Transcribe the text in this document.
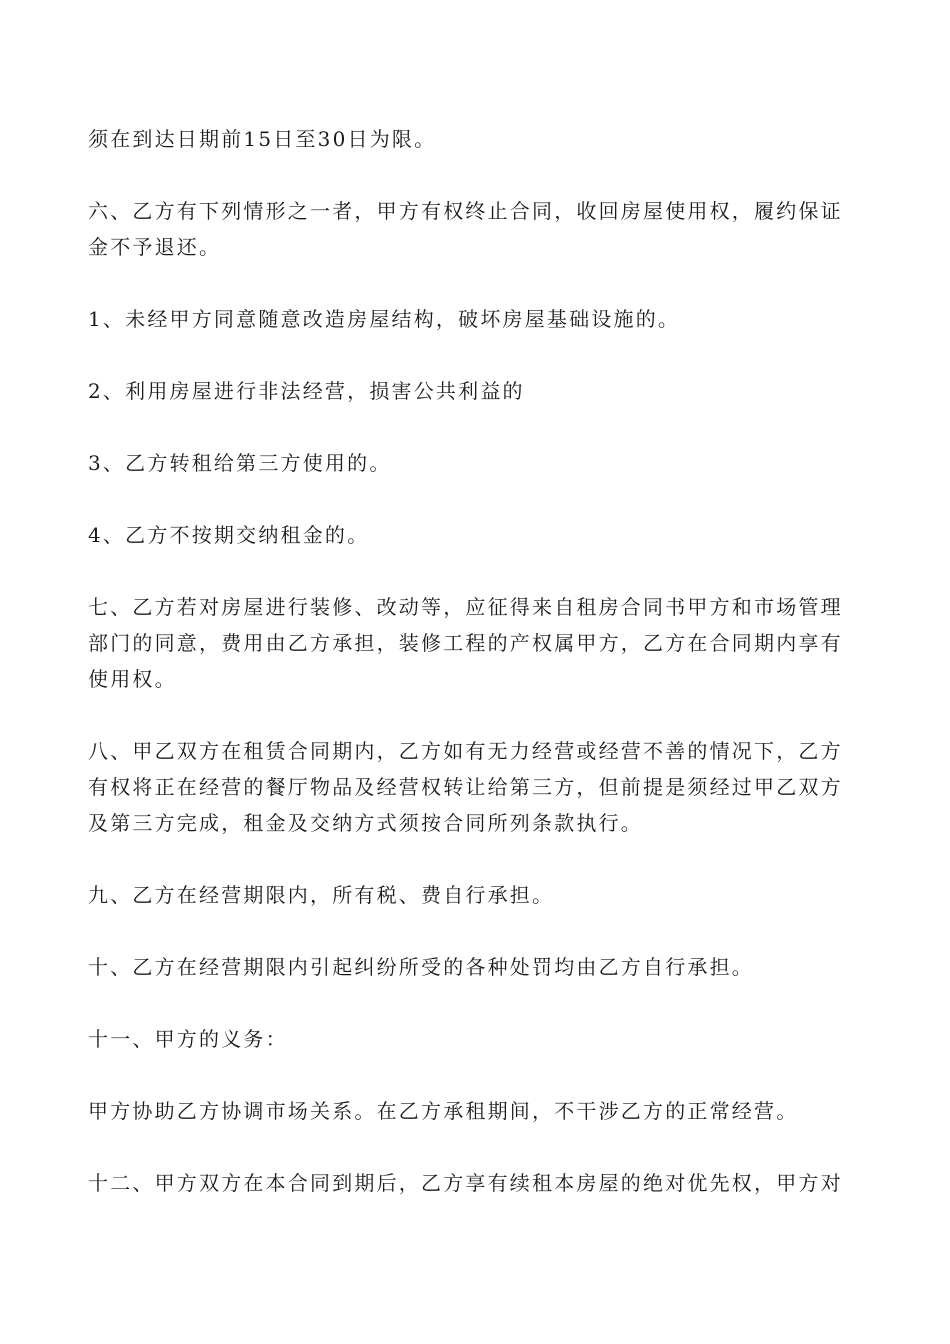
须在到达日期前15日至30日为限。

六、乙方有下列情形之一者，甲方有权终止合同，收回房屋使用权，履约保证金不予退还。

1、未经甲方同意随意改造房屋结构，破坏房屋基础设施的。

2、利用房屋进行非法经营，损害公共利益的

3、乙方转租给第三方使用的。

4、乙方不按期交纳租金的。

七、乙方若对房屋进行装修、改动等，应征得来自租房合同书甲方和市场管理部门的同意，费用由乙方承担，装修工程的产权属甲方，乙方在合同期内享有使用权。

八、甲乙双方在租赁合同期内，乙方如有无力经营或经营不善的情况下，乙方有权将正在经营的餐厅物品及经营权转让给第三方，但前提是须经过甲乙双方及第三方完成，租金及交纳方式须按合同所列条款执行。

九、乙方在经营期限内，所有税、费自行承担。

十、乙方在经营期限内引起纠纷所受的各种处罚均由乙方自行承担。

十一、甲方的义务：

甲方协助乙方协调市场关系。在乙方承租期间，不干涉乙方的正常经营。

十二、甲方双方在本合同到期后，乙方享有续租本房屋的绝对优先权，甲方对
